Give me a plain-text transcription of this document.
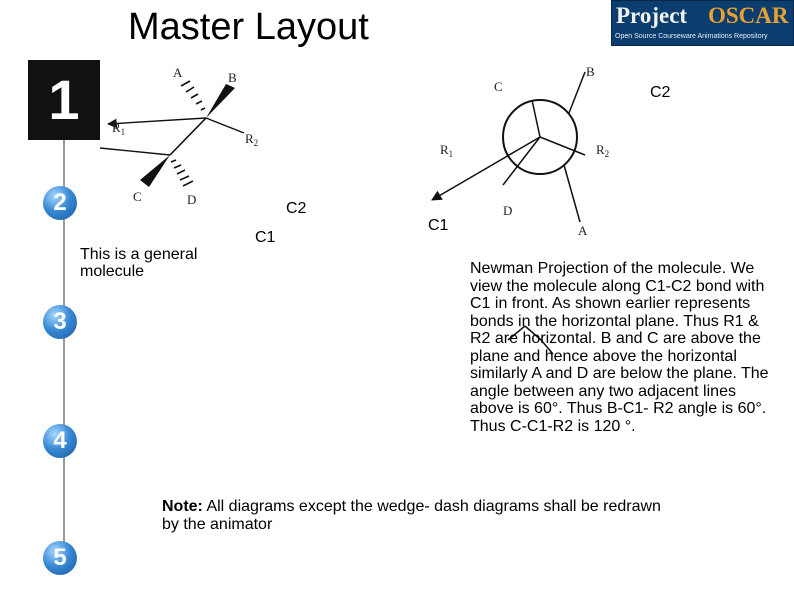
Master Layout	Project OSCAR
Open Source Courseware Animations Repository
1
2
3
4
5
A	B
$R_1$	$R_2$
C	D
C2
C1
This is a general molecule
C
B
$R_1$	$R_2$
D
A
C2
C1
Newman Projection of the molecule. We view the molecule along C1-C2 bond with C1 in front. As shown earlier represents bonds in the horizontal plane. Thus R1 & R2 are horizontal. B and C are above the plane and hence above the horizontal similarly A and D are below the plane. The angle between any two adjacent lines above is 60°. Thus B-C1- R2 angle is 60°. Thus C-C1-R2 is 120 °.
Note: All diagrams except the wedge- dash diagrams shall be redrawn by the animator
